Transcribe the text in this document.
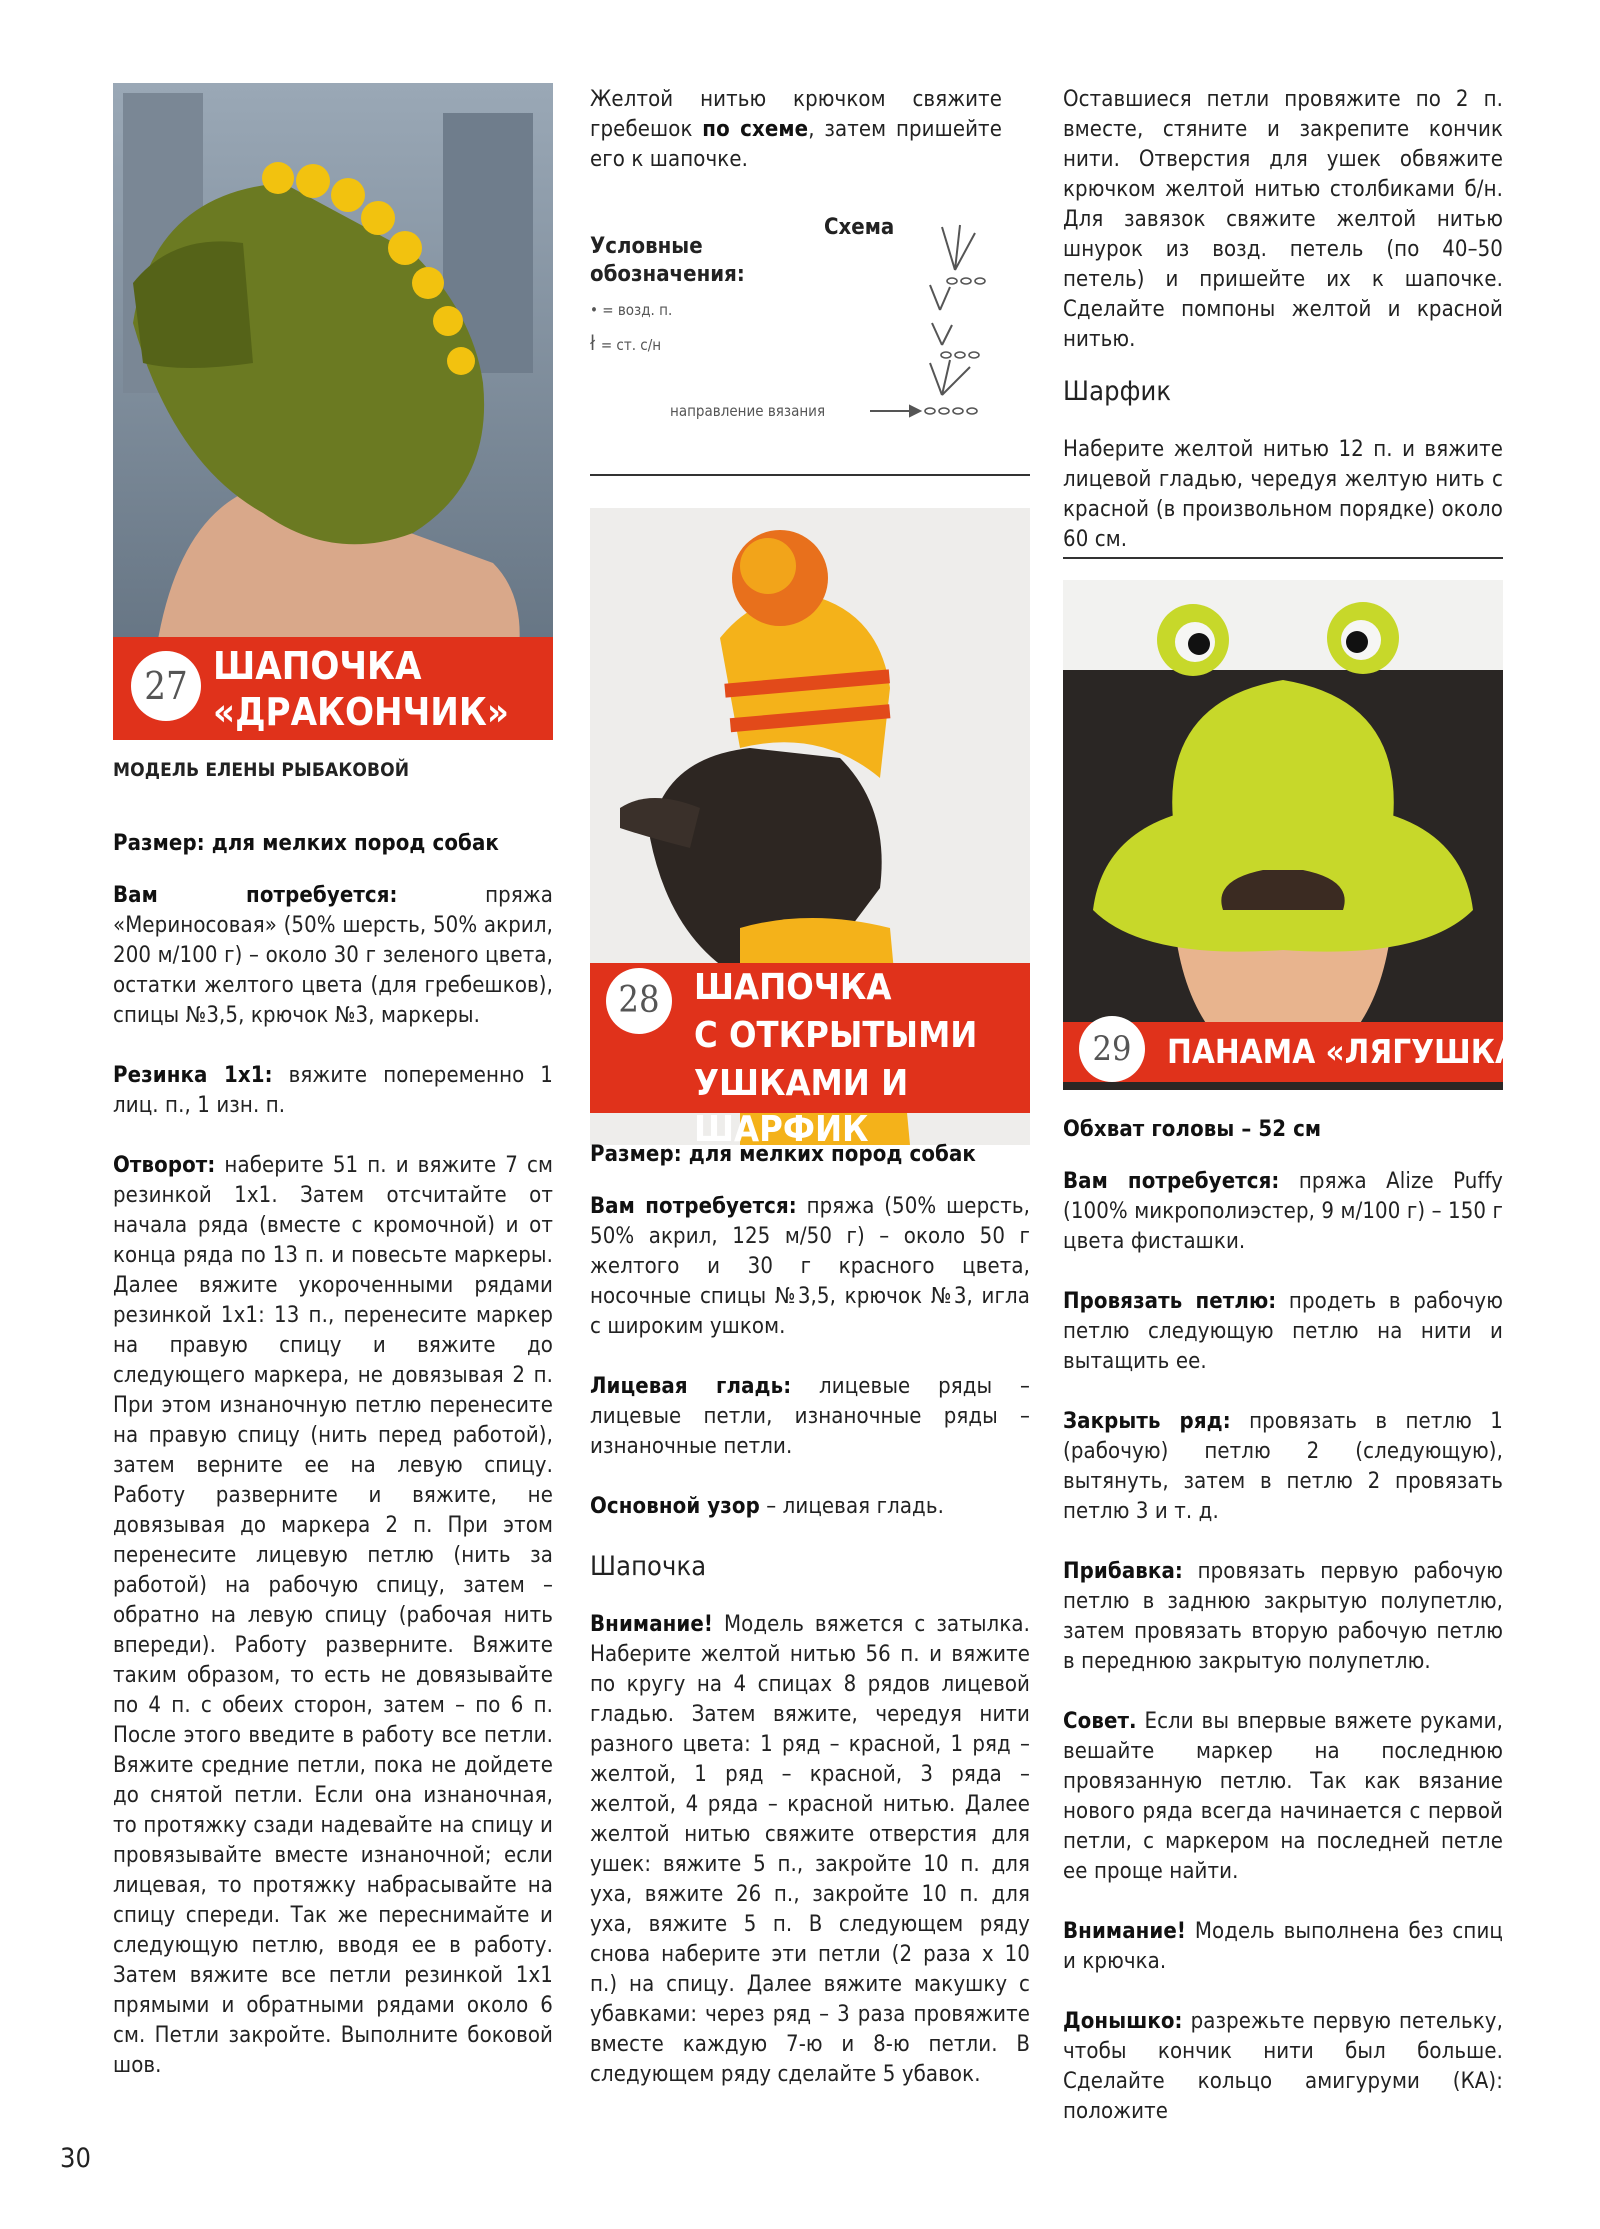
27 ШАПОЧКА
«ДРАКОНЧИК»

МОДЕЛЬ ЕЛЕНЫ РЫБАКОВОЙ

Размер: для мелких пород собак

Вам потребуется: пряжа «Мериносовая» (50% шерсть, 50% акрил, 200 м/100 г) – около 30 г зеленого цвета, остатки желтого цвета (для гребешков), спицы №3,5, крючок №3, маркеры.

Резинка 1х1: вяжите попеременно 1 лиц. п., 1 изн. п.

Отворот: наберите 51 п. и вяжите 7 см резинкой 1х1. Затем отсчитайте от начала ряда (вместе с кромочной) и от конца ряда по 13 п. и повесьте маркеры. Далее вяжите укороченными рядами резинкой 1х1: 13 п., перенесите маркер на правую спицу и вяжите до следующего маркера, не довязывая 2 п. При этом изнаночную петлю перенесите на правую спицу (нить перед работой), затем верните ее на левую спицу. Работу разверните и вяжите, не довязывая до маркера 2 п. При этом перенесите лицевую петлю (нить за работой) на рабочую спицу, затем – обратно на левую спицу (рабочая нить впереди). Работу разверните. Вяжите таким образом, то есть не довязывайте по 4 п. с обеих сторон, затем – по 6 п. После этого введите в работу все петли. Вяжите средние петли, пока не дойдете до снятой петли. Если она изнаночная, то протяжку сзади надевайте на спицу и провязывайте вместе изнаночной; если лицевая, то протяжку набрасывайте на спицу спереди. Так же переснимайте и следующую петлю, вводя ее в работу. Затем вяжите все петли резинкой 1х1 прямыми и обратными рядами около 6 см. Петли закройте. Выполните боковой шов.

Желтой нитью крючком свяжите гребешок по схеме, затем пришейте его к шапочке.

Условные
обозначения:
• = возд. п.
ł = ст. с/н
Схема
направление вязания
28 ШАПОЧКА
С ОТКРЫТЫМИ
УШКАМИ И ШАРФИК

Размер: для мелких пород собак

Вам потребуется: пряжа (50% шерсть, 50% акрил, 125 м/50 г) – около 50 г желтого и 30 г красного цвета, носочные спицы №3,5, крючок №3, игла с широким ушком.

Лицевая гладь: лицевые ряды – лицевые петли, изнаночные ряды – изнаночные петли.

Основной узор – лицевая гладь.

Шапочка

Внимание! Модель вяжется с затылка. Наберите желтой нитью 56 п. и вяжите по кругу на 4 спицах 8 рядов лицевой гладью. Затем вяжите, чередуя нити разного цвета: 1 ряд – красной, 1 ряд – желтой, 1 ряд – красной, 3 ряда – желтой, 4 ряда – красной нитью. Далее желтой нитью свяжите отверстия для ушек: вяжите 5 п., закройте 10 п. для уха, вяжите 26 п., закройте 10 п. для уха, вяжите 5 п. В следующем ряду снова наберите эти петли (2 раза х 10 п.) на спицу. Далее вяжите макушку с убавками: через ряд – 3 раза провяжите вместе каждую 7-ю и 8-ю петли. В следующем ряду сделайте 5 убавок.

Оставшиеся петли провяжите по 2 п. вместе, стяните и закрепите кончик нити. Отверстия для ушек обвяжите крючком желтой нитью столбиками б/н. Для завязок свяжите желтой нитью шнурок из возд. петель (по 40–50 петель) и пришейте их к шапочке. Сделайте помпоны желтой и красной нитью.

Шарфик

Наберите желтой нитью 12 п. и вяжите лицевой гладью, чередуя желтую нить с красной (в произвольном порядке) около 60 см.

29	ПАНАМА «ЛЯГУШКА»

Обхват головы – 52 см

Вам потребуется: пряжа Alize Puffy (100% микрополиэстер, 9 м/100 г) – 150 г цвета фисташки.

Провязать петлю: продеть в рабочую петлю следующую петлю на нити и вытащить ее.

Закрыть ряд: провязать в петлю 1 (рабочую) петлю 2 (следующую), вытянуть, затем в петлю 2 провязать петлю 3 и т. д.

Прибавка: провязать первую рабочую петлю в заднюю закрытую полупетлю, затем провязать вторую рабочую петлю в переднюю закрытую полупетлю.

Совет. Если вы впервые вяжете руками, вешайте маркер на последнюю провязанную петлю. Так как вязание нового ряда всегда начинается с первой петли, с маркером на последней петле ее проще найти.

Внимание! Модель выполнена без спиц и крючка.

Донышко: разрежьте первую петельку, чтобы кончик нити был больше. Сделайте кольцо амигуруми (КА): положите

30
